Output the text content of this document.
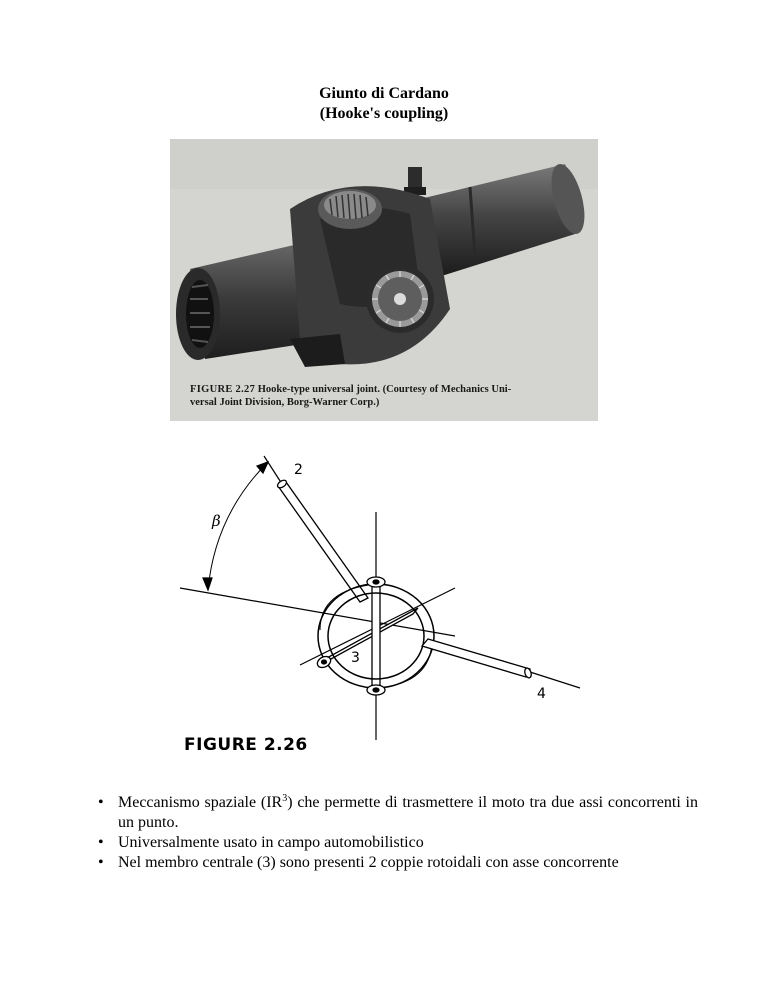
Giunto di Cardano
(Hooke's coupling)
FIGURE 2.27 Hooke-type universal joint. (Courtesy of Mechanics Uni-
versal Joint Division, Borg-Warner Corp.)
β
2
3
4
FIGURE 2.26
• Meccanismo spaziale $(IR^3)$ che permette di trasmettere il moto tra due assi concorrenti in un punto.
• Universalmente usato in campo automobilistico
• Nel membro centrale (3) sono presenti 2 coppie rotoidali con asse concorrente
